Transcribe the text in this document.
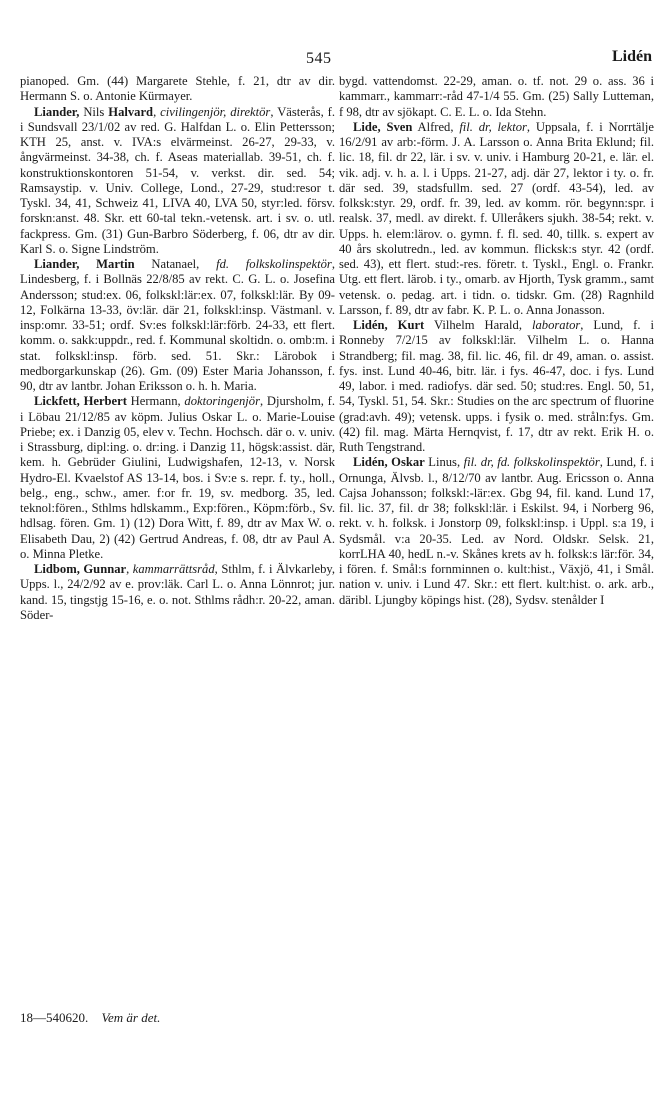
545	Lidén

pianoped. Gm. (44) Margarete Stehle, f. 21, dtr av dir. Hermann S. o. Antonie Kürmayer.

Liander, Nils Halvard, civilingenjör, direktör, Västerås, f. i Sundsvall 23/1/02 av red. G. Halfdan L. o. Elin Pettersson; KTH 25, anst. v. IVA:s elvärmeinst. 26-27, 29-33, v. ångvärmeinst. 34-38, ch. f. Aseas materiallab. 39-51, ch. f. konstruktionskontoren 51-54, v. verkst. dir. sed. 54; Ramsaystip. v. Univ. College, Lond., 27-29, stud:resor t. Tyskl. 34, 41, Schweiz 41, LIVA 40, LVA 50, styr:led. försv. forskn:anst. 48. Skr. ett 60-tal tekn.-vetensk. art. i sv. o. utl. fackpress. Gm. (31) Gun-Barbro Söderberg, f. 06, dtr av dir. Karl S. o. Signe Lindström.

Liander, Martin Natanael, fd. folkskolinspektör, Lindesberg, f. i Bollnäs 22/8/85 av rekt. C. G. L. o. Josefina Andersson; stud:ex. 06, folkskl:lär:ex. 07, folkskl:lär. By 09-12, Folkärna 13-33, öv:lär. där 21, folkskl:insp. Västmanl. v. insp:omr. 33-51; ordf. Sv:es folkskl:lär:förb. 24-33, ett flert. komm. o. sakk:uppdr., red. f. Kommunal skoltidn. o. omb:m. i stat. folkskl:insp. förb. sed. 51. Skr.: Lärobok i medborgarkunskap (26). Gm. (09) Ester Maria Johansson, f. 90, dtr av lantbr. Johan Eriksson o. h. h. Maria.

Lickfett, Herbert Hermann, doktoringenjör, Djursholm, f. i Löbau 21/12/85 av köpm. Julius Oskar L. o. Marie-Louise Priebe; ex. i Danzig 05, elev v. Techn. Hochsch. där o. v. univ. i Strassburg, dipl:ing. o. dr:ing. i Danzig 11, högsk:assist. där, kem. h. Gebrüder Giulini, Ludwigshafen, 12-13, v. Norsk Hydro-El. Kvaelstof AS 13-14, bos. i Sv:e s. repr. f. ty., holl., belg., eng., schw., amer. f:or fr. 19, sv. medborg. 35, led. teknol:fören., Sthlms hdlskamm., Exp:fören., Köpm:förb., Sv. hdlsag. fören. Gm. 1) (12) Dora Witt, f. 89, dtr av Max W. o. Elisabeth Dau, 2) (42) Gertrud Andreas, f. 08, dtr av Paul A. o. Minna Pletke.

Lidbom, Gunnar, kammarrättsråd, Sthlm, f. i Älvkarleby, Upps. l., 24/2/92 av e. prov:läk. Carl L. o. Anna Lönnrot; jur. kand. 15, tingstjg 15-16, e. o. not. Sthlms rådh:r. 20-22, aman. Söder-

bygd. vattendomst. 22-29, aman. o. tf. not. 29 o. ass. 36 i kammarr., kammarr:-råd 47-1/4 55. Gm. (25) Sally Lutteman, f 98, dtr av sjökapt. C. E. L. o. Ida Stehn.

Lide, Sven Alfred, fil. dr, lektor, Uppsala, f. i Norrtälje 16/2/91 av arb:-förm. J. A. Larsson o. Anna Brita Eklund; fil. lic. 18, fil. dr 22, lär. i sv. v. univ. i Hamburg 20-21, e. lär. el. vik. adj. v. h. a. l. i Upps. 21-27, adj. där 27, lektor i ty. o. fr. där sed. 39, stadsfullm. sed. 27 (ordf. 43-54), led. av folksk:styr. 29, ordf. fr. 39, led. av komm. rör. begynn:spr. i realsk. 37, medl. av direkt. f. Ulleråkers sjukh. 38-54; rekt. v. Upps. h. elem:lärov. o. gymn. f. fl. sed. 40, tillk. s. expert av 40 års skolutredn., led. av kommun. flicksk:s styr. 42 (ordf. sed. 43), ett flert. stud:-res. företr. t. Tyskl., Engl. o. Frankr. Utg. ett flert. lärob. i ty., omarb. av Hjorth, Tysk gramm., samt vetensk. o. pedag. art. i tidn. o. tidskr. Gm. (28) Ragnhild Larsson, f. 89, dtr av fabr. K. P. L. o. Anna Jonasson.

Lidén, Kurt Vilhelm Harald, laborator, Lund, f. i Ronneby 7/2/15 av folkskl:lär. Vilhelm L. o. Hanna Strandberg; fil. mag. 38, fil. lic. 46, fil. dr 49, aman. o. assist. fys. inst. Lund 40-46, bitr. lär. i fys. 46-47, doc. i fys. Lund 49, labor. i med. radiofys. där sed. 50; stud:res. Engl. 50, 51, 54, Tyskl. 51, 54. Skr.: Studies on the arc spectrum of fluorine (grad:avh. 49); vetensk. upps. i fysik o. med. stråln:fys. Gm. (42) fil. mag. Märta Hernqvist, f. 17, dtr av rekt. Erik H. o. Ruth Tengstrand.

Lidén, Oskar Linus, fil. dr, fd. folkskolinspektör, Lund, f. i Ornunga, Älvsb. l., 8/12/70 av lantbr. Aug. Ericsson o. Anna Cajsa Johansson; folkskl:-lär:ex. Gbg 94, fil. kand. Lund 17, fil. lic. 37, fil. dr 38; folkskl:lär. i Eskilst. 94, i Norberg 96, rekt. v. h. folksk. i Jonstorp 09, folkskl:insp. i Uppl. s:a 19, i Sydsmål. v:a 20-35. Led. av Nord. Oldskr. Selsk. 21, korrLHA 40, hedL n.-v. Skånes krets av h. folksk:s lär:för. 34, i fören. f. Smål:s fornminnen o. kult:hist., Växjö, 41, i Smål. nation v. univ. i Lund 47. Skr.: ett flert. kult:hist. o. ark. arb., däribl. Ljungby köpings hist. (28), Sydsv. stenålder I

18—540620. Vem är det.
